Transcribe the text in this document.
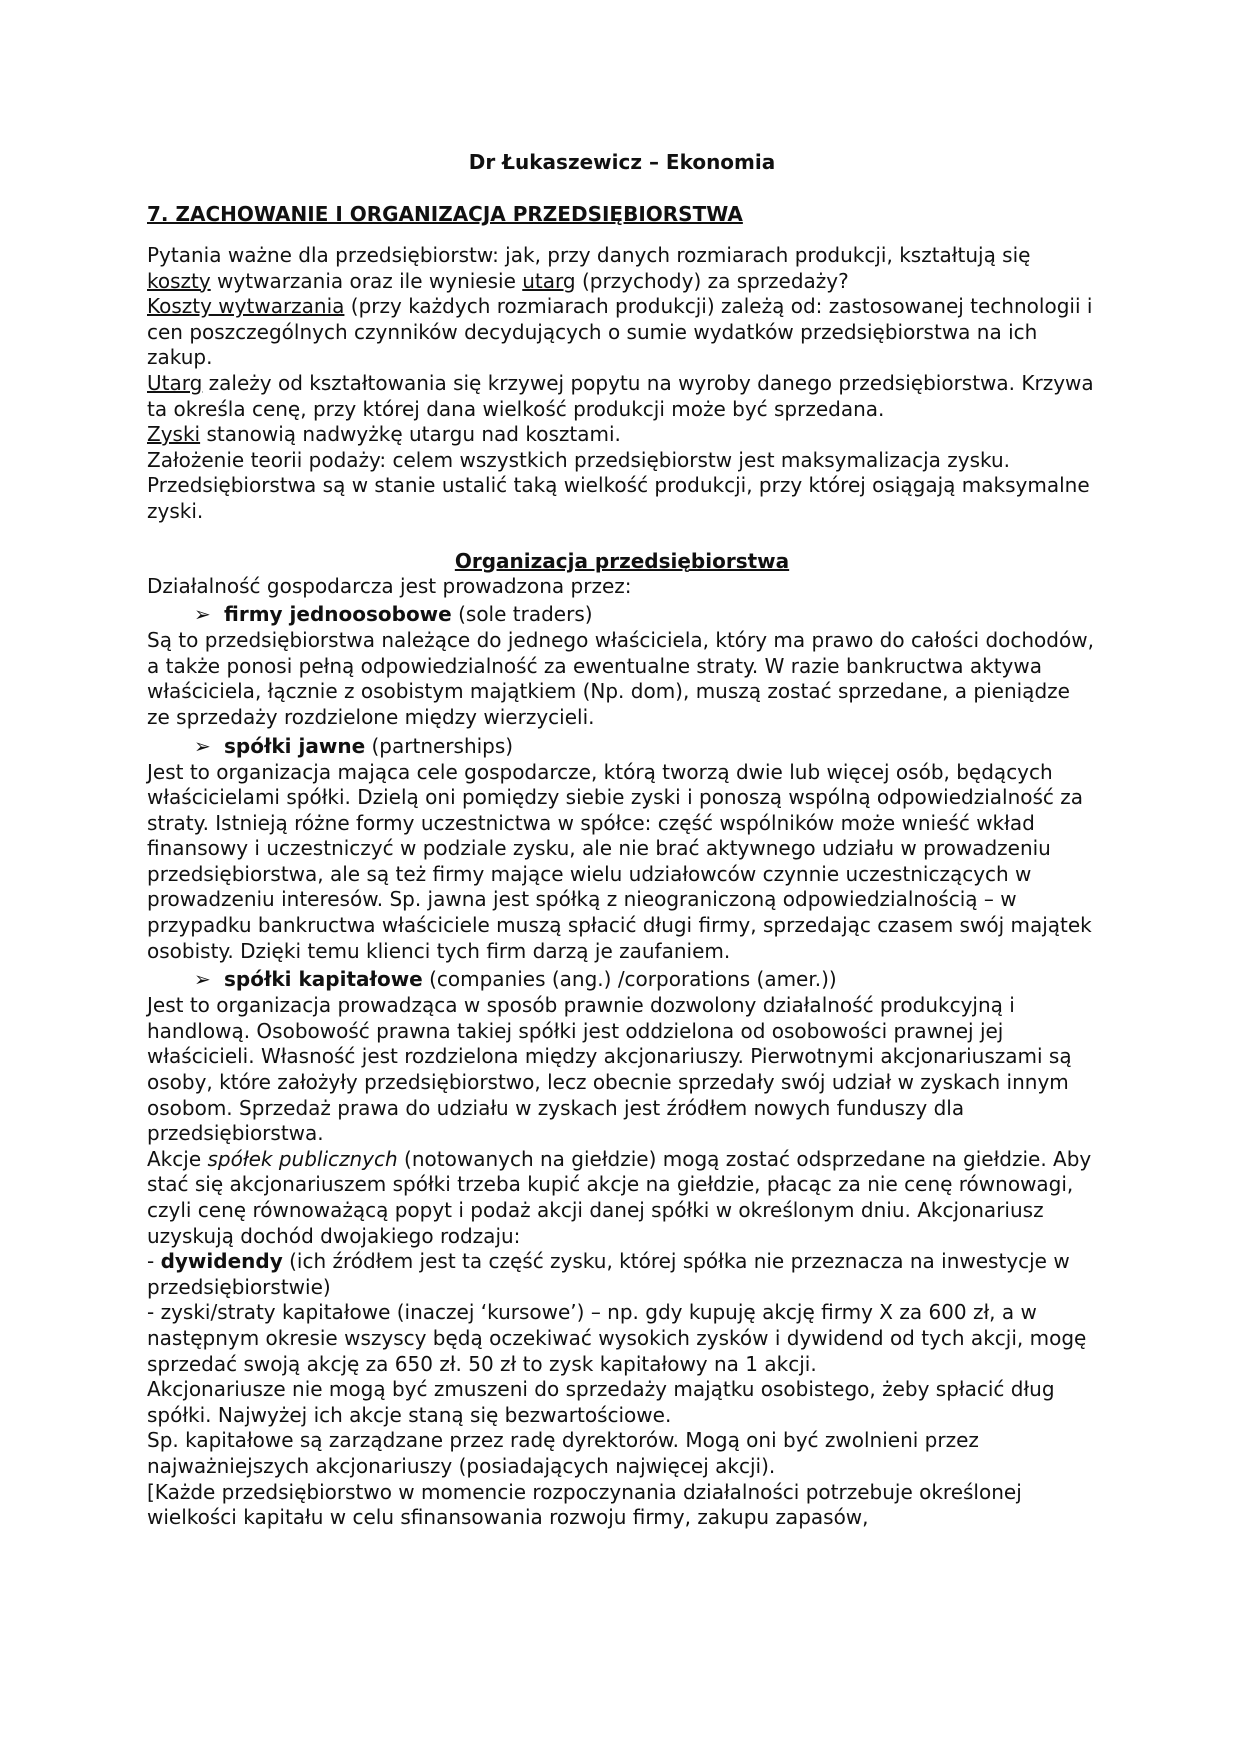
Dr Łukaszewicz – Ekonomia
7. ZACHOWANIE I ORGANIZACJA PRZEDSIĘBIORSTWA

Pytania ważne dla przedsiębiorstw: jak, przy danych rozmiarach produkcji, kształtują się koszty wytwarzania oraz ile wyniesie utarg (przychody) za sprzedaży?

Koszty wytwarzania (przy każdych rozmiarach produkcji) zależą od: zastosowanej technologii i cen poszczególnych czynników decydujących o sumie wydatków przedsiębiorstwa na ich zakup.

Utarg zależy od kształtowania się krzywej popytu na wyroby danego przedsiębiorstwa. Krzywa ta określa cenę, przy której dana wielkość produkcji może być sprzedana.

Zyski stanowią nadwyżkę utargu nad kosztami.

Założenie teorii podaży: celem wszystkich przedsiębiorstw jest maksymalizacja zysku. Przedsiębiorstwa są w stanie ustalić taką wielkość produkcji, przy której osiągają maksymalne zyski.

Organizacja przedsiębiorstwa

Działalność gospodarcza jest prowadzona przez:

➢ firmy jednoosobowe (sole traders)

Są to przedsiębiorstwa należące do jednego właściciela, który ma prawo do całości dochodów, a także ponosi pełną odpowiedzialność za ewentualne straty. W razie bankructwa aktywa właściciela, łącznie z osobistym majątkiem (Np. dom), muszą zostać sprzedane, a pieniądze ze sprzedaży rozdzielone między wierzycieli.

➢ spółki jawne (partnerships)

Jest to organizacja mająca cele gospodarcze, którą tworzą dwie lub więcej osób, będących właścicielami spółki. Dzielą oni pomiędzy siebie zyski i ponoszą wspólną odpowiedzialność za straty. Istnieją różne formy uczestnictwa w spółce: część wspólników może wnieść wkład finansowy i uczestniczyć w podziale zysku, ale nie brać aktywnego udziału w prowadzeniu przedsiębiorstwa, ale są też firmy mające wielu udziałowców czynnie uczestniczących w prowadzeniu interesów. Sp. jawna jest spółką z nieograniczoną odpowiedzialnością – w przypadku bankructwa właściciele muszą spłacić długi firmy, sprzedając czasem swój majątek osobisty. Dzięki temu klienci tych firm darzą je zaufaniem.

➢ spółki kapitałowe (companies (ang.) /corporations (amer.))

Jest to organizacja prowadząca w sposób prawnie dozwolony działalność produkcyjną i handlową. Osobowość prawna takiej spółki jest oddzielona od osobowości prawnej jej właścicieli. Własność jest rozdzielona między akcjonariuszy. Pierwotnymi akcjonariuszami są osoby, które założyły przedsiębiorstwo, lecz obecnie sprzedały swój udział w zyskach innym osobom. Sprzedaż prawa do udziału w zyskach jest źródłem nowych funduszy dla przedsiębiorstwa.

Akcje spółek publicznych (notowanych na giełdzie) mogą zostać odsprzedane na giełdzie. Aby stać się akcjonariuszem spółki trzeba kupić akcje na giełdzie, płacąc za nie cenę równowagi, czyli cenę równoważącą popyt i podaż akcji danej spółki w określonym dniu. Akcjonariusz uzyskują dochód dwojakiego rodzaju:

- dywidendy (ich źródłem jest ta część zysku, której spółka nie przeznacza na inwestycje w przedsiębiorstwie)

- zyski/straty kapitałowe (inaczej ‘kursowe’) – np. gdy kupuję akcję firmy X za 600 zł, a w następnym okresie wszyscy będą oczekiwać wysokich zysków i dywidend od tych akcji, mogę sprzedać swoją akcję za 650 zł. 50 zł to zysk kapitałowy na 1 akcji.

Akcjonariusze nie mogą być zmuszeni do sprzedaży majątku osobistego, żeby spłacić dług spółki. Najwyżej ich akcje staną się bezwartościowe.

Sp. kapitałowe są zarządzane przez radę dyrektorów. Mogą oni być zwolnieni przez najważniejszych akcjonariuszy (posiadających najwięcej akcji).

[Każde przedsiębiorstwo w momencie rozpoczynania działalności potrzebuje określonej wielkości kapitału w celu sfinansowania rozwoju firmy, zakupu zapasów,
